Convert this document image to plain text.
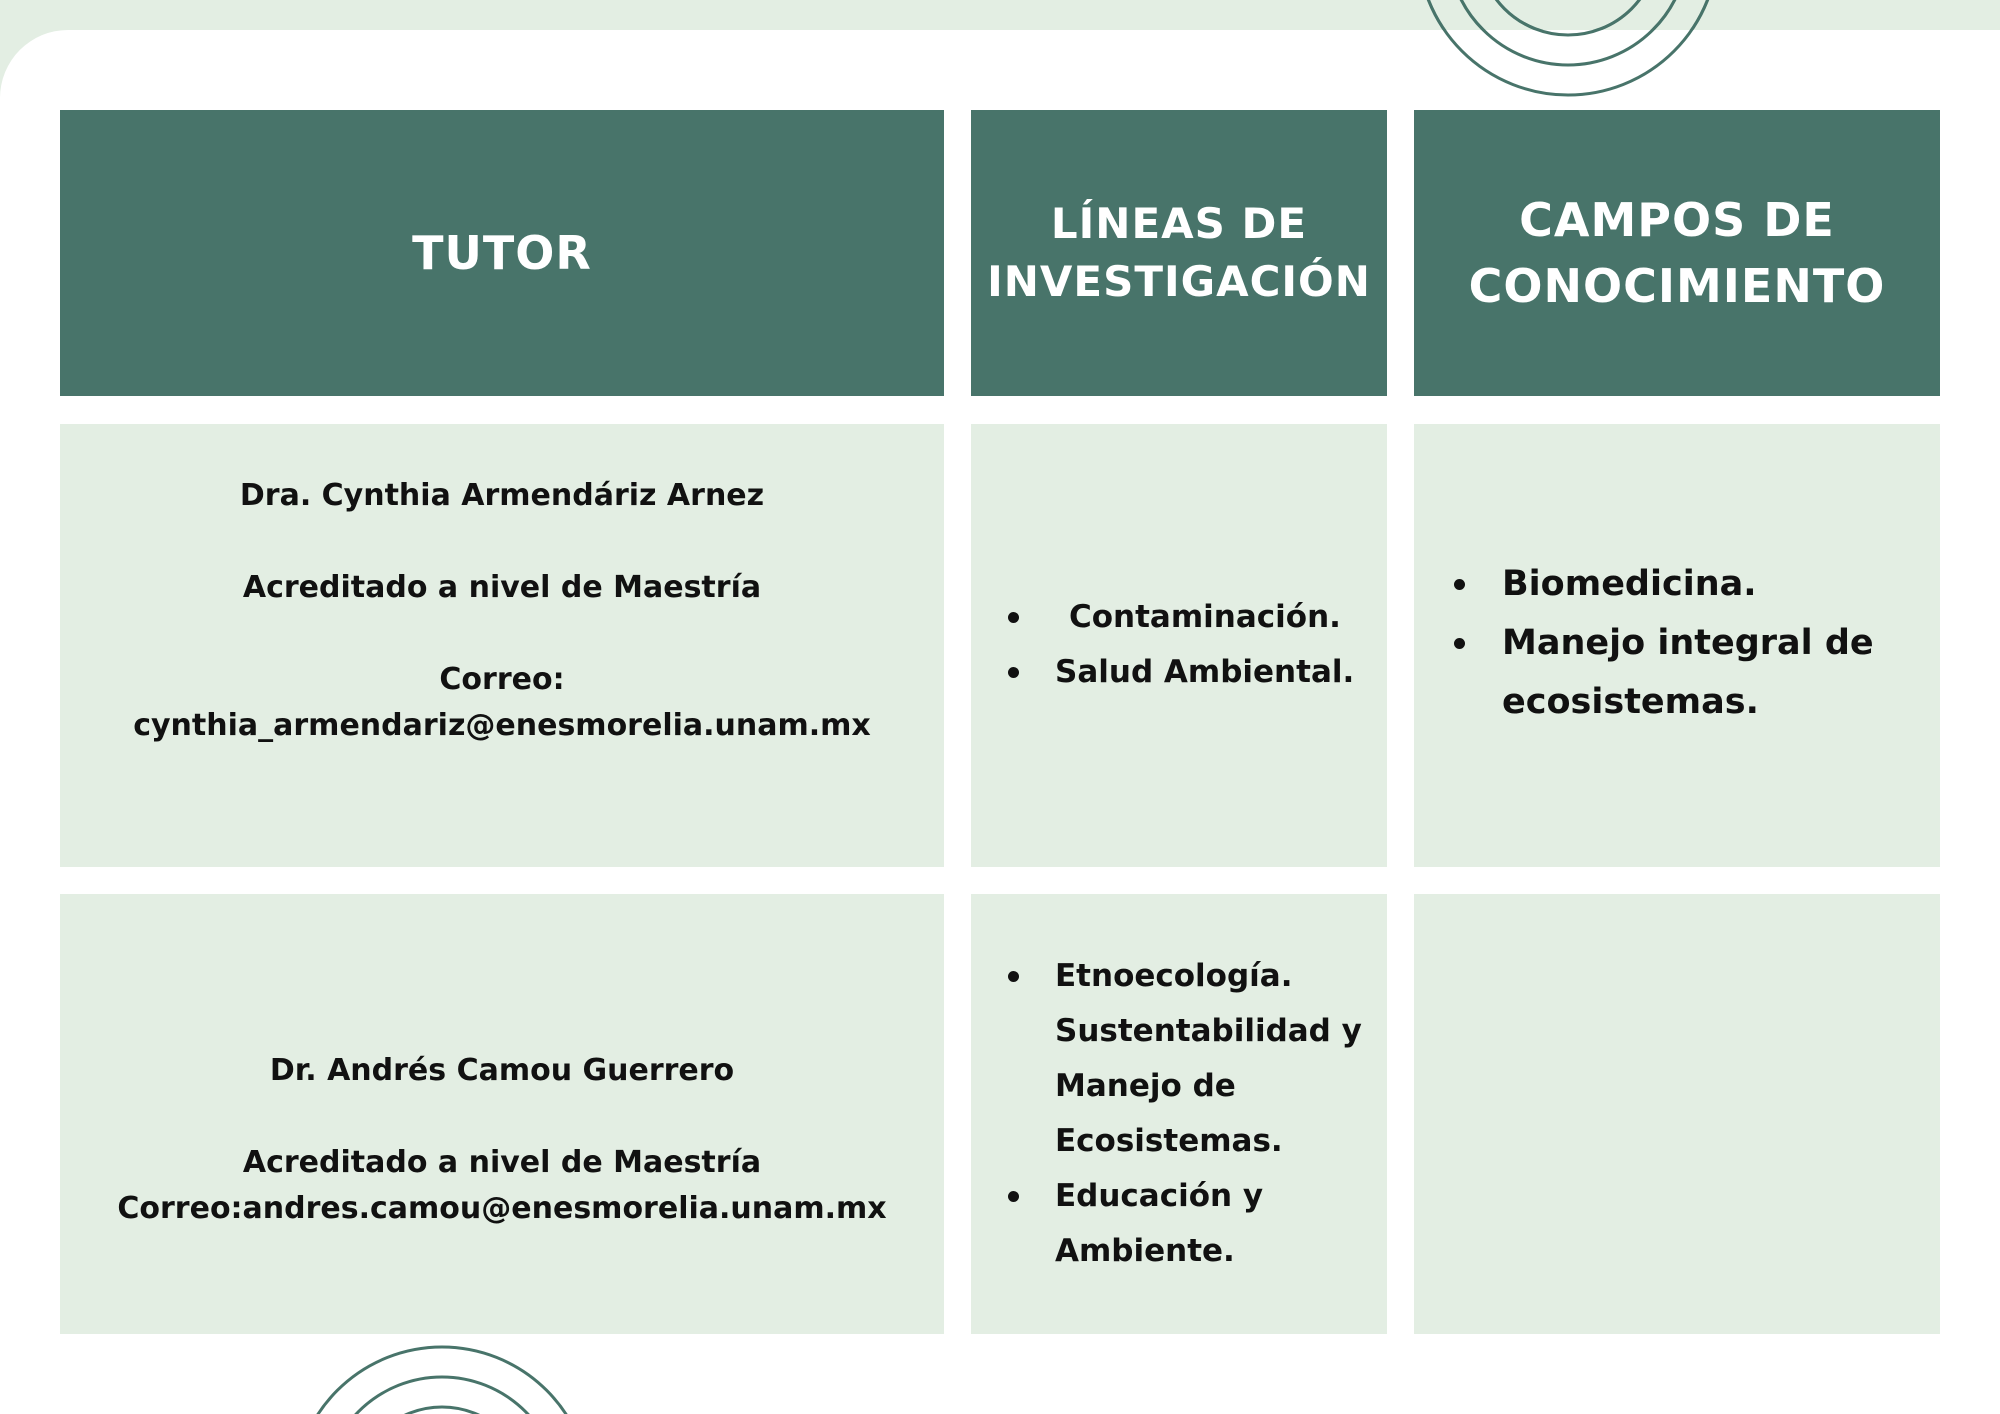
TUTOR
LÍNEAS DE
INVESTIGACIÓN
CAMPOS DE
CONOCIMIENTO
Dra. Cynthia Armendáriz Arnez
Acreditado a nivel de Maestría
Correo:
cynthia_armendariz@enesmorelia.unam.mx
Contaminación.
Salud Ambiental.
Biomedicina.
Manejo integral de
ecosistemas.
Dr. Andrés Camou Guerrero
Acreditado a nivel de Maestría
Correo:andres.camou@enesmorelia.unam.mx
Etnoecología.
Sustentabilidad y
Manejo de
Ecosistemas.
Educación y
Ambiente.
